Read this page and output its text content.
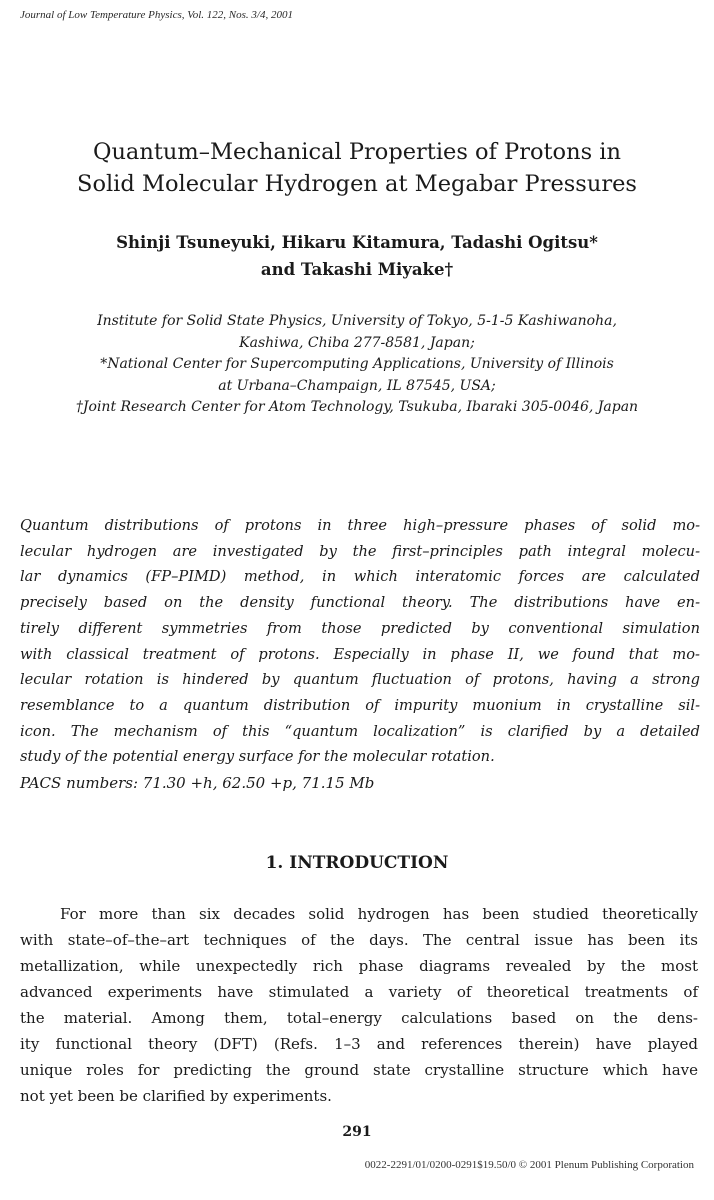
Journal of Low Temperature Physics, Vol. 122, Nos. 3/4, 2001
Quantum–Mechanical Properties of Protons in
Solid Molecular Hydrogen at Megabar Pressures
Shinji Tsuneyuki, Hikaru Kitamura, Tadashi Ogitsu*
and Takashi Miyake†
Institute for Solid State Physics, University of Tokyo, 5-1-5 Kashiwanoha,
Kashiwa, Chiba 277-8581, Japan;
*National Center for Supercomputing Applications, University of Illinois
at Urbana–Champaign, IL 87545, USA;
†Joint Research Center for Atom Technology, Tsukuba, Ibaraki 305-0046, Japan
Quantum distributions of protons in three high–pressure phases of solid mo-
lecular hydrogen are investigated by the first–principles path integral molecu-
lar dynamics (FP–PIMD) method, in which interatomic forces are calculated
precisely based on the density functional theory. The distributions have en-
tirely different symmetries from those predicted by conventional simulation
with classical treatment of protons. Especially in phase II, we found that mo-
lecular rotation is hindered by quantum fluctuation of protons, having a strong
resemblance to a quantum distribution of impurity muonium in crystalline sil-
icon. The mechanism of this “quantum localization” is clarified by a detailed
study of the potential energy surface for the molecular rotation.
PACS numbers: 71.30 +h, 62.50 +p, 71.15 Mb
1. INTRODUCTION
For more than six decades solid hydrogen has been studied theoretically
with state–of–the–art techniques of the days. The central issue has been its
metallization, while unexpectedly rich phase diagrams revealed by the most
advanced experiments have stimulated a variety of theoretical treatments of
the material. Among them, total–energy calculations based on the dens-
ity functional theory (DFT) (Refs. 1–3 and references therein) have played
unique roles for predicting the ground state crystalline structure which have
not yet been be clarified by experiments.
291
0022-2291/01/0200-0291$19.50/0 © 2001 Plenum Publishing Corporation
